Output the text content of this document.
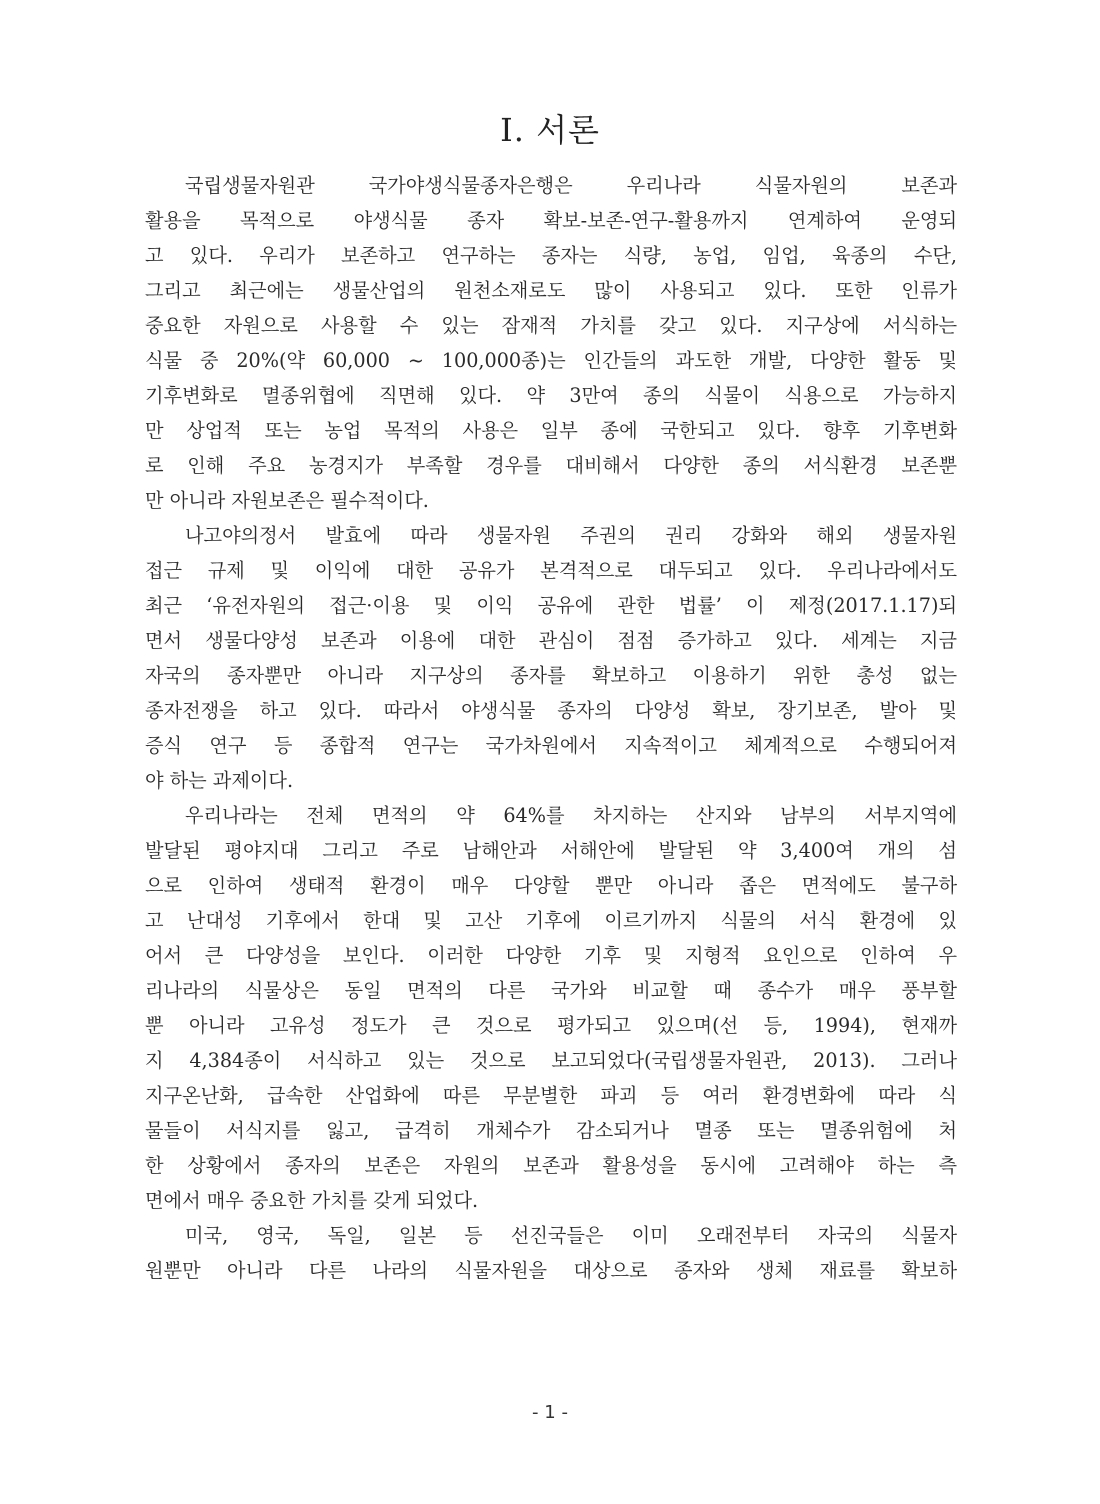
I. 서론
국립생물자원관 국가야생식물종자은행은 우리나라 식물자원의 보존과
활용을 목적으로 야생식물 종자 확보-보존-연구-활용까지 연계하여 운영되
고 있다. 우리가 보존하고 연구하는 종자는 식량, 농업, 임업, 육종의 수단,
그리고 최근에는 생물산업의 원천소재로도 많이 사용되고 있다. 또한 인류가
중요한 자원으로 사용할 수 있는 잠재적 가치를 갖고 있다. 지구상에 서식하는
식물 중 20%(약 60,000 ~ 100,000종)는 인간들의 과도한 개발, 다양한 활동 및
기후변화로 멸종위협에 직면해 있다. 약 3만여 종의 식물이 식용으로 가능하지
만 상업적 또는 농업 목적의 사용은 일부 종에 국한되고 있다. 향후 기후변화
로 인해 주요 농경지가 부족할 경우를 대비해서 다양한 종의 서식환경 보존뿐
만 아니라 자원보존은 필수적이다.
나고야의정서 발효에 따라 생물자원 주권의 권리 강화와 해외 생물자원
접근 규제 및 이익에 대한 공유가 본격적으로 대두되고 있다. 우리나라에서도
최근 ‘유전자원의 접근·이용 및 이익 공유에 관한 법률’ 이 제정(2017.1.17)되
면서 생물다양성 보존과 이용에 대한 관심이 점점 증가하고 있다. 세계는 지금
자국의 종자뿐만 아니라 지구상의 종자를 확보하고 이용하기 위한 총성 없는
종자전쟁을 하고 있다. 따라서 야생식물 종자의 다양성 확보, 장기보존, 발아 및
증식 연구 등 종합적 연구는 국가차원에서 지속적이고 체계적으로 수행되어져
야 하는 과제이다.
우리나라는 전체 면적의 약 64%를 차지하는 산지와 남부의 서부지역에
발달된 평야지대 그리고 주로 남해안과 서해안에 발달된 약 3,400여 개의 섬
으로 인하여 생태적 환경이 매우 다양할 뿐만 아니라 좁은 면적에도 불구하
고 난대성 기후에서 한대 및 고산 기후에 이르기까지 식물의 서식 환경에 있
어서 큰 다양성을 보인다. 이러한 다양한 기후 및 지형적 요인으로 인하여 우
리나라의 식물상은 동일 면적의 다른 국가와 비교할 때 종수가 매우 풍부할
뿐 아니라 고유성 정도가 큰 것으로 평가되고 있으며(선 등, 1994), 현재까
지 4,384종이 서식하고 있는 것으로 보고되었다(국립생물자원관, 2013). 그러나
지구온난화, 급속한 산업화에 따른 무분별한 파괴 등 여러 환경변화에 따라 식
물들이 서식지를 잃고, 급격히 개체수가 감소되거나 멸종 또는 멸종위험에 처
한 상황에서 종자의 보존은 자원의 보존과 활용성을 동시에 고려해야 하는 측
면에서 매우 중요한 가치를 갖게 되었다.
미국, 영국, 독일, 일본 등 선진국들은 이미 오래전부터 자국의 식물자
원뿐만 아니라 다른 나라의 식물자원을 대상으로 종자와 생체 재료를 확보하
- 1 -
